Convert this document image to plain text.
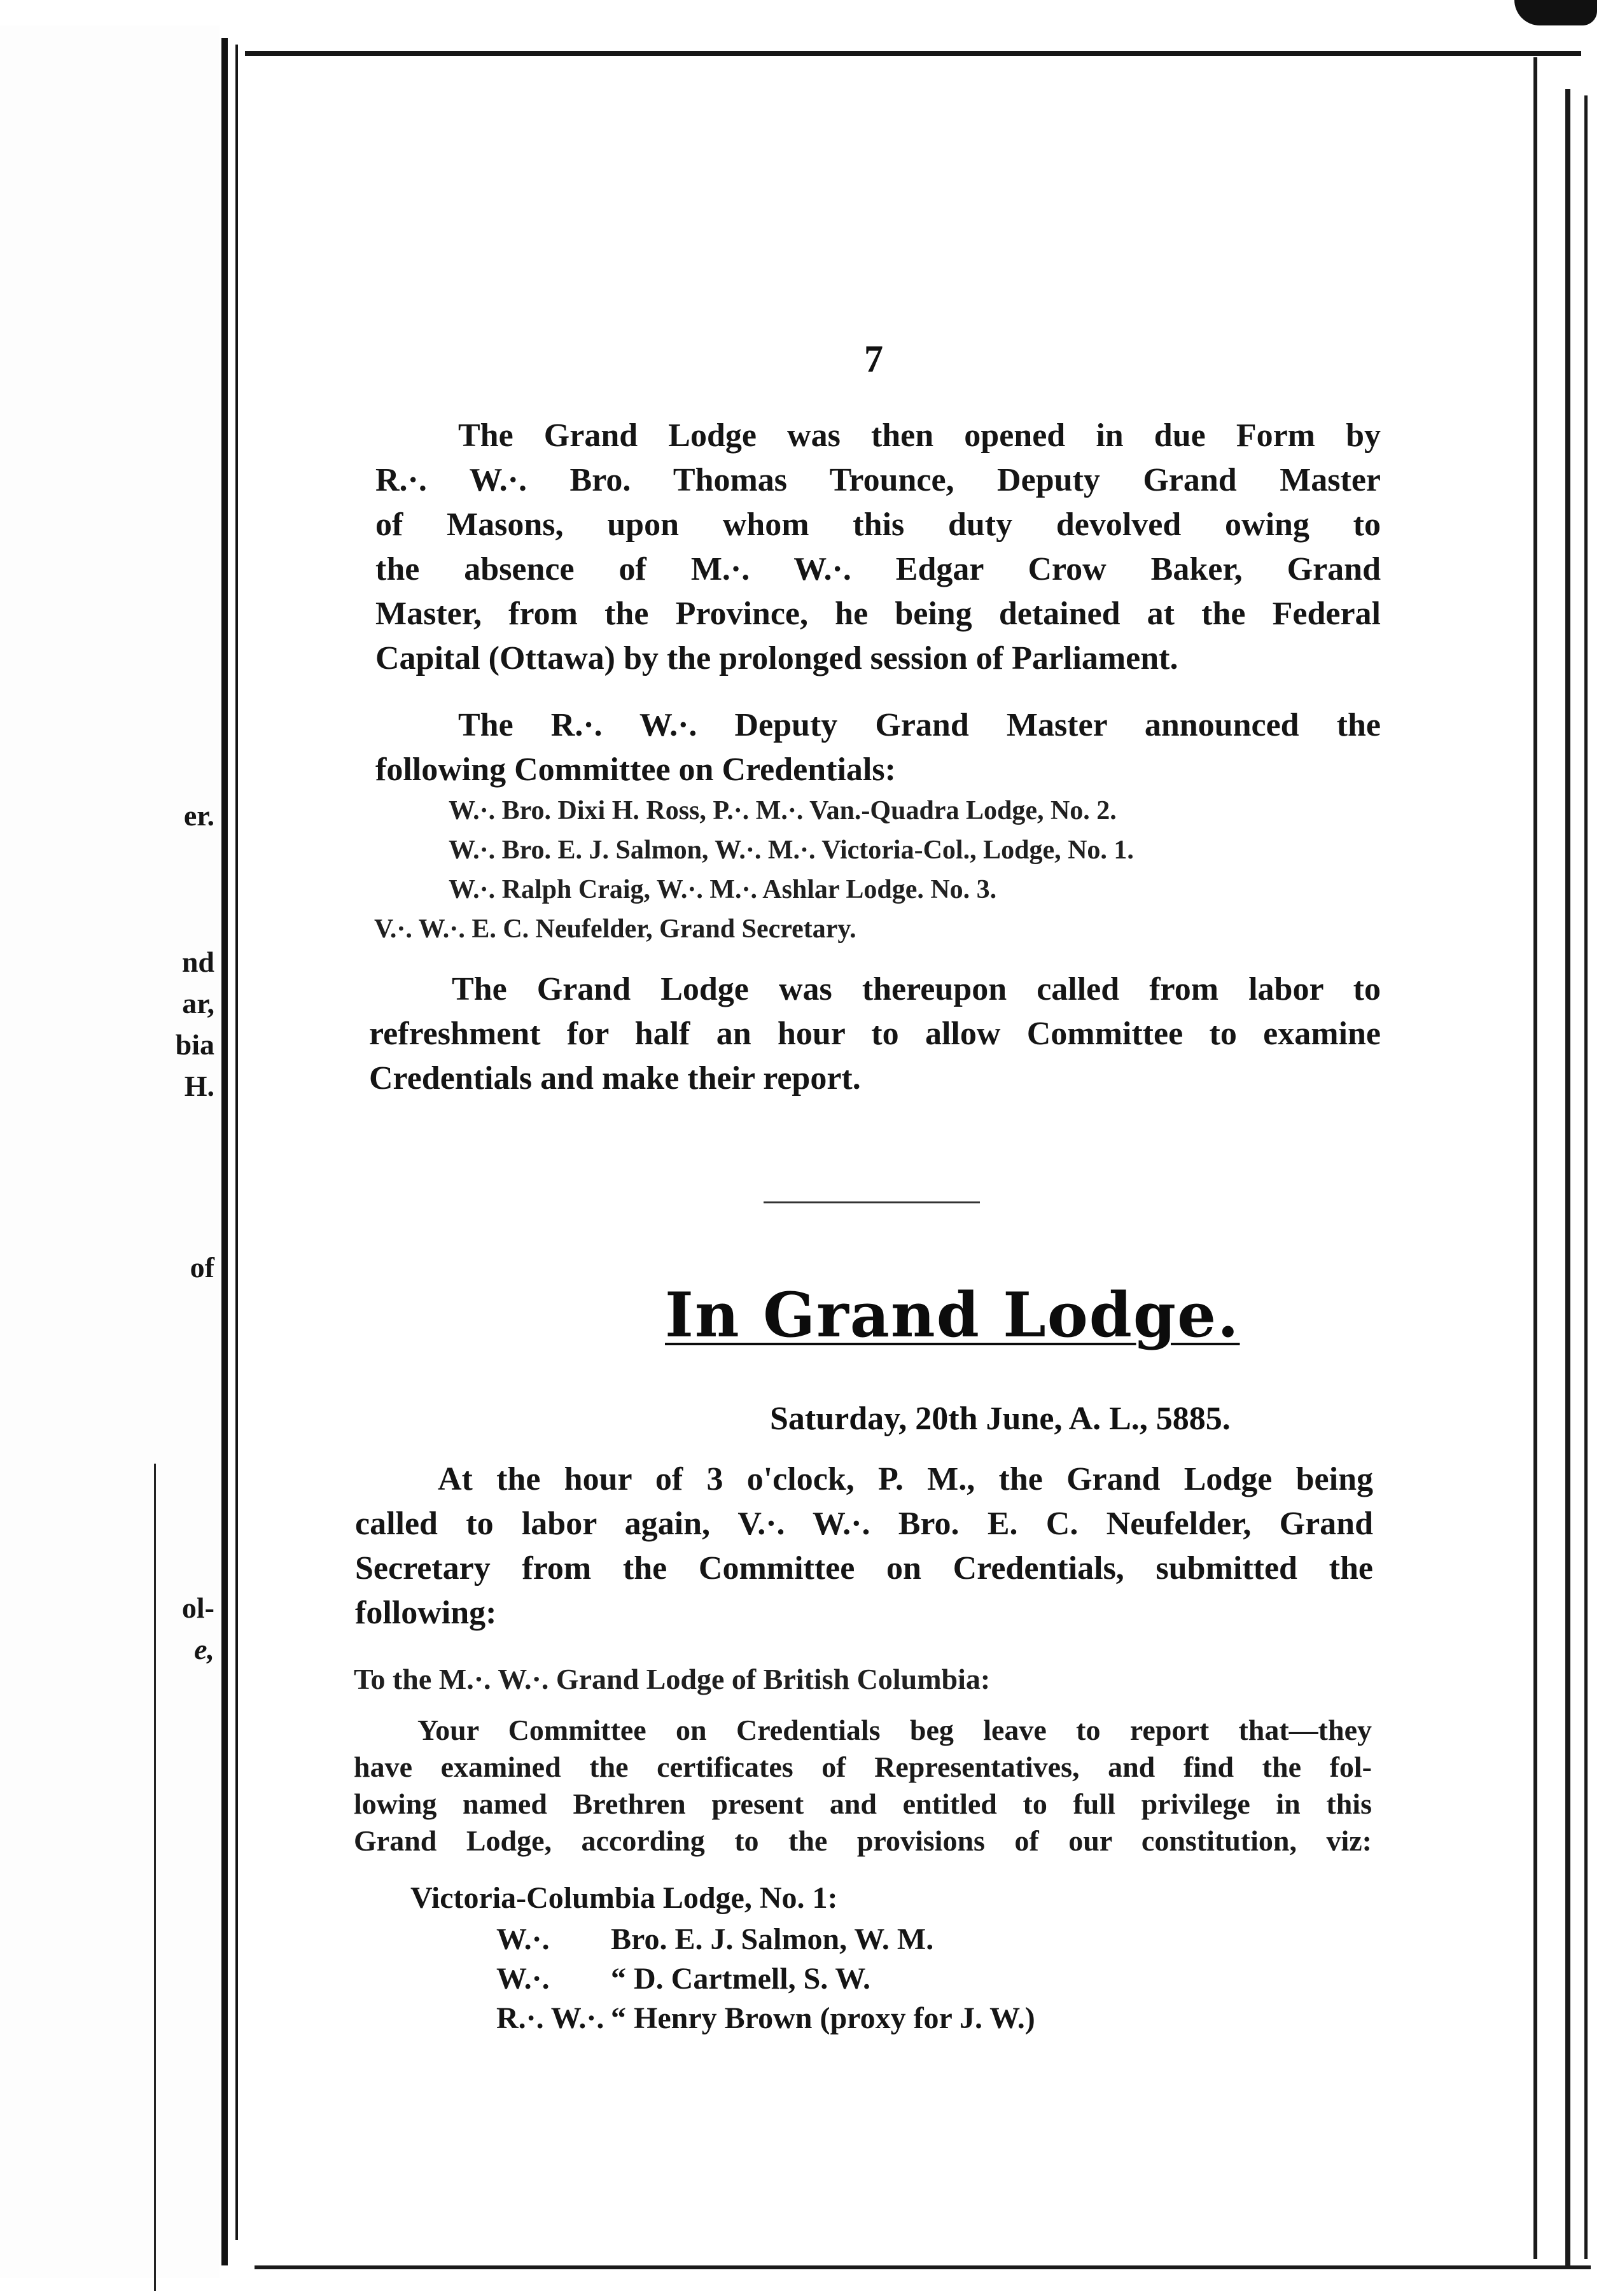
er.
nd
ar,
bia
H.
of
ol-
e,
7
The Grand Lodge was then opened in due Form by
R.·. W.·. Bro. Thomas Trounce, Deputy Grand Master
of Masons, upon whom this duty devolved owing to
the absence of M.·. W.·. Edgar Crow Baker, Grand
Master, from the Province, he being detained at the Federal
Capital (Ottawa) by the prolonged session of Parliament.
The R.·. W.·. Deputy Grand Master announced the
following Committee on Credentials:
W.·. Bro. Dixi H. Ross, P.·. M.·. Van.-Quadra Lodge, No. 2.
W.·. Bro. E. J. Salmon, W.·. M.·. Victoria-Col., Lodge, No. 1.
W.·. Ralph Craig, W.·. M.·. Ashlar Lodge. No. 3.
V.·. W.·. E. C. Neufelder, Grand Secretary.
The Grand Lodge was thereupon called from labor to
refreshment for half an hour to allow Committee to examine
Credentials and make their report.
In Grand Lodge.
Saturday, 20th June, A. L., 5885.
At the hour of 3 o'clock, P. M., the Grand Lodge being
called to labor again, V.·. W.·. Bro. E. C. Neufelder, Grand
Secretary from the Committee on Credentials, submitted the
following:
To the M.·. W.·. Grand Lodge of British Columbia:
Your Committee on Credentials beg leave to report that—they
have examined the certificates of Representatives, and find the fol-
lowing named Brethren present and entitled to full privilege in this
Grand Lodge, according to the provisions of our constitution, viz:
Victoria-Columbia Lodge, No. 1:
W.·. Bro. E. J. Salmon, W. M.
W.·. “ D. Cartmell, S. W.
R.·. W.·. “ Henry Brown (proxy for J. W.)
